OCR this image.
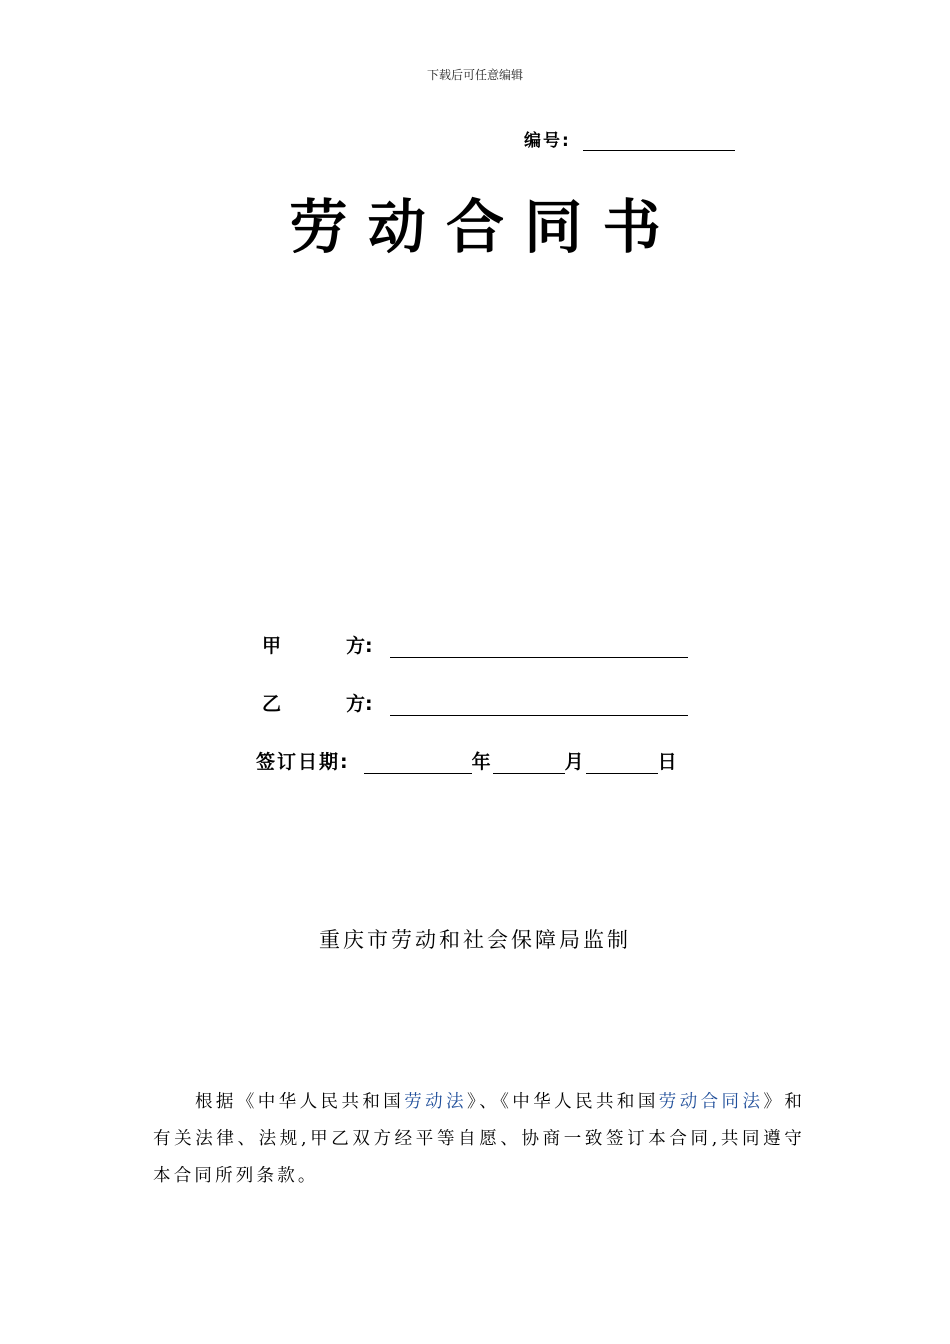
下载后可任意编辑
编号:
劳动合同书
甲	方:
乙	方:
签订日期:	年	月	日
重庆市劳动和社会保障局监制

根据《中华人民共和国劳动法》、《中华人民共和国劳动合同法》和有关法律、法规,甲乙双方经平等自愿、协商一致签订本合同,共同遵守本合同所列条款。
